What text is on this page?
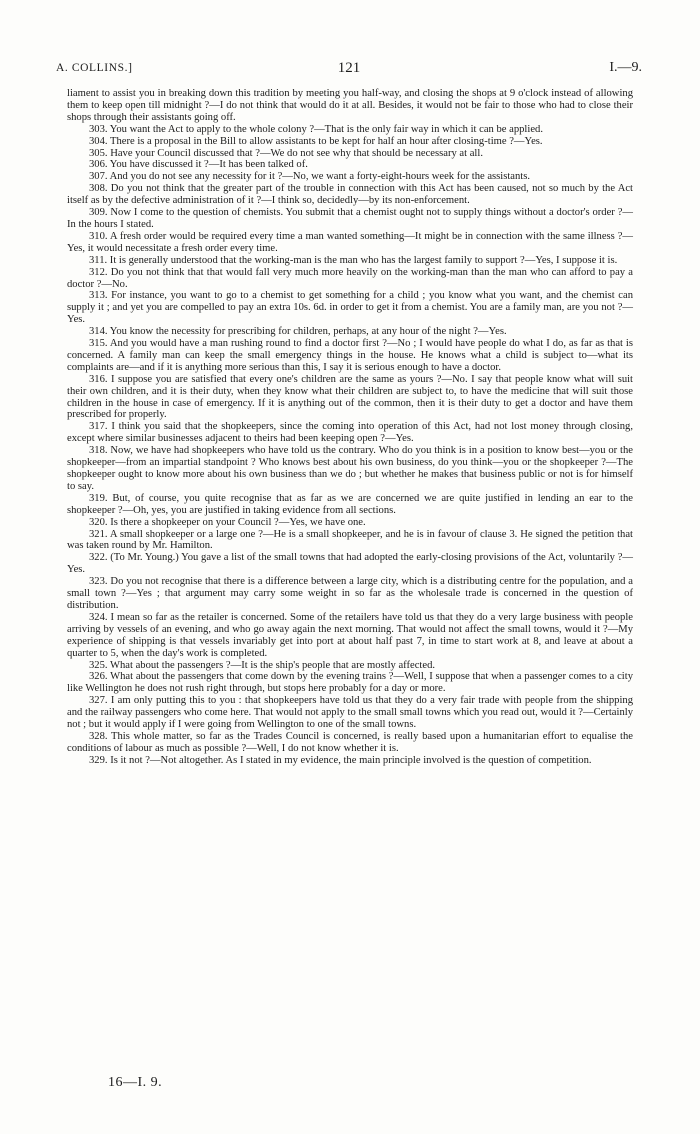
A. COLLINS.]	121	I.—9.

liament to assist you in breaking down this tradition by meeting you half-way, and closing the shops at 9 o'clock instead of allowing them to keep open till midnight ?—I do not think that would do it at all. Besides, it would not be fair to those who had to close their shops through their assistants going off.

303. You want the Act to apply to the whole colony ?—That is the only fair way in which it can be applied.

304. There is a proposal in the Bill to allow assistants to be kept for half an hour after closing-time ?—Yes.

305. Have your Council discussed that ?—We do not see why that should be necessary at all.

306. You have discussed it ?—It has been talked of.

307. And you do not see any necessity for it ?—No, we want a forty-eight-hours week for the assistants.

308. Do you not think that the greater part of the trouble in connection with this Act has been caused, not so much by the Act itself as by the defective administration of it ?—I think so, decidedly—by its non-enforcement.

309. Now I come to the question of chemists. You submit that a chemist ought not to supply things without a doctor's order ?—In the hours I stated.

310. A fresh order would be required every time a man wanted something—It might be in connection with the same illness ?—Yes, it would necessitate a fresh order every time.

311. It is generally understood that the working-man is the man who has the largest family to support ?—Yes, I suppose it is.

312. Do you not think that that would fall very much more heavily on the working-man than the man who can afford to pay a doctor ?—No.

313. For instance, you want to go to a chemist to get something for a child ; you know what you want, and the chemist can supply it ; and yet you are compelled to pay an extra 10s. 6d. in order to get it from a chemist. You are a family man, are you not ?—Yes.

314. You know the necessity for prescribing for children, perhaps, at any hour of the night ?—Yes.

315. And you would have a man rushing round to find a doctor first ?—No ; I would have people do what I do, as far as that is concerned. A family man can keep the small emergency things in the house. He knows what a child is subject to—what its complaints are—and if it is anything more serious than this, I say it is serious enough to have a doctor.

316. I suppose you are satisfied that every one's children are the same as yours ?—No. I say that people know what will suit their own children, and it is their duty, when they know what their children are subject to, to have the medicine that will suit those children in the house in case of emergency. If it is anything out of the common, then it is their duty to get a doctor and have them prescribed for properly.

317. I think you said that the shopkeepers, since the coming into operation of this Act, had not lost money through closing, except where similar businesses adjacent to theirs had been keeping open ?—Yes.

318. Now, we have had shopkeepers who have told us the contrary. Who do you think is in a position to know best—you or the shopkeeper—from an impartial standpoint ? Who knows best about his own business, do you think—you or the shopkeeper ?—The shopkeeper ought to know more about his own business than we do ; but whether he makes that business public or not is for himself to say.

319. But, of course, you quite recognise that as far as we are concerned we are quite justified in lending an ear to the shopkeeper ?—Oh, yes, you are justified in taking evidence from all sections.

320. Is there a shopkeeper on your Council ?—Yes, we have one.

321. A small shopkeeper or a large one ?—He is a small shopkeeper, and he is in favour of clause 3. He signed the petition that was taken round by Mr. Hamilton.

322. (To Mr. Young.) You gave a list of the small towns that had adopted the early-closing provisions of the Act, voluntarily ?—Yes.

323. Do you not recognise that there is a difference between a large city, which is a distributing centre for the population, and a small town ?—Yes ; that argument may carry some weight in so far as the wholesale trade is concerned in the question of distribution.

324. I mean so far as the retailer is concerned. Some of the retailers have told us that they do a very large business with people arriving by vessels of an evening, and who go away again the next morning. That would not affect the small towns, would it ?—My experience of shipping is that vessels invariably get into port at about half past 7, in time to start work at 8, and leave at about a quarter to 5, when the day's work is completed.

325. What about the passengers ?—It is the ship's people that are mostly affected.

326. What about the passengers that come down by the evening trains ?—Well, I suppose that when a passenger comes to a city like Wellington he does not rush right through, but stops here probably for a day or more.

327. I am only putting this to you : that shopkeepers have told us that they do a very fair trade with people from the shipping and the railway passengers who come here. That would not apply to the small small towns which you read out, would it ?—Certainly not ; but it would apply if I were going from Wellington to one of the small towns.

328. This whole matter, so far as the Trades Council is concerned, is really based upon a humanitarian effort to equalise the conditions of labour as much as possible ?—Well, I do not know whether it is.

329. Is it not ?—Not altogether. As I stated in my evidence, the main principle involved is the question of competition.

16—I. 9.
